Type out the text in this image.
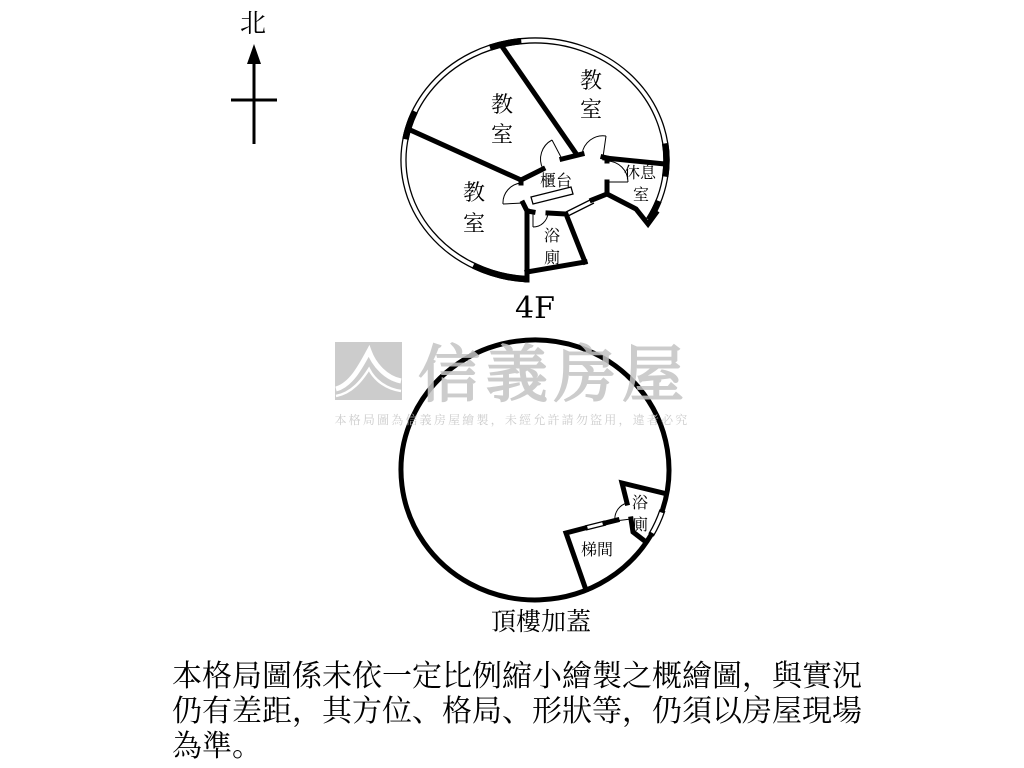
北
教
室
教
室
教
室
櫃台	休息
室
浴
廁
4F
浴
廁
梯間
頂樓加蓋
信義房屋
本格局圖為信義房屋繪製，未經允許請勿盜用，違者必究
本格局圖係未依一定比例縮小繪製之概繪圖，與實況
仍有差距，其方位、格局、形狀等，仍須以房屋現場
為準。
